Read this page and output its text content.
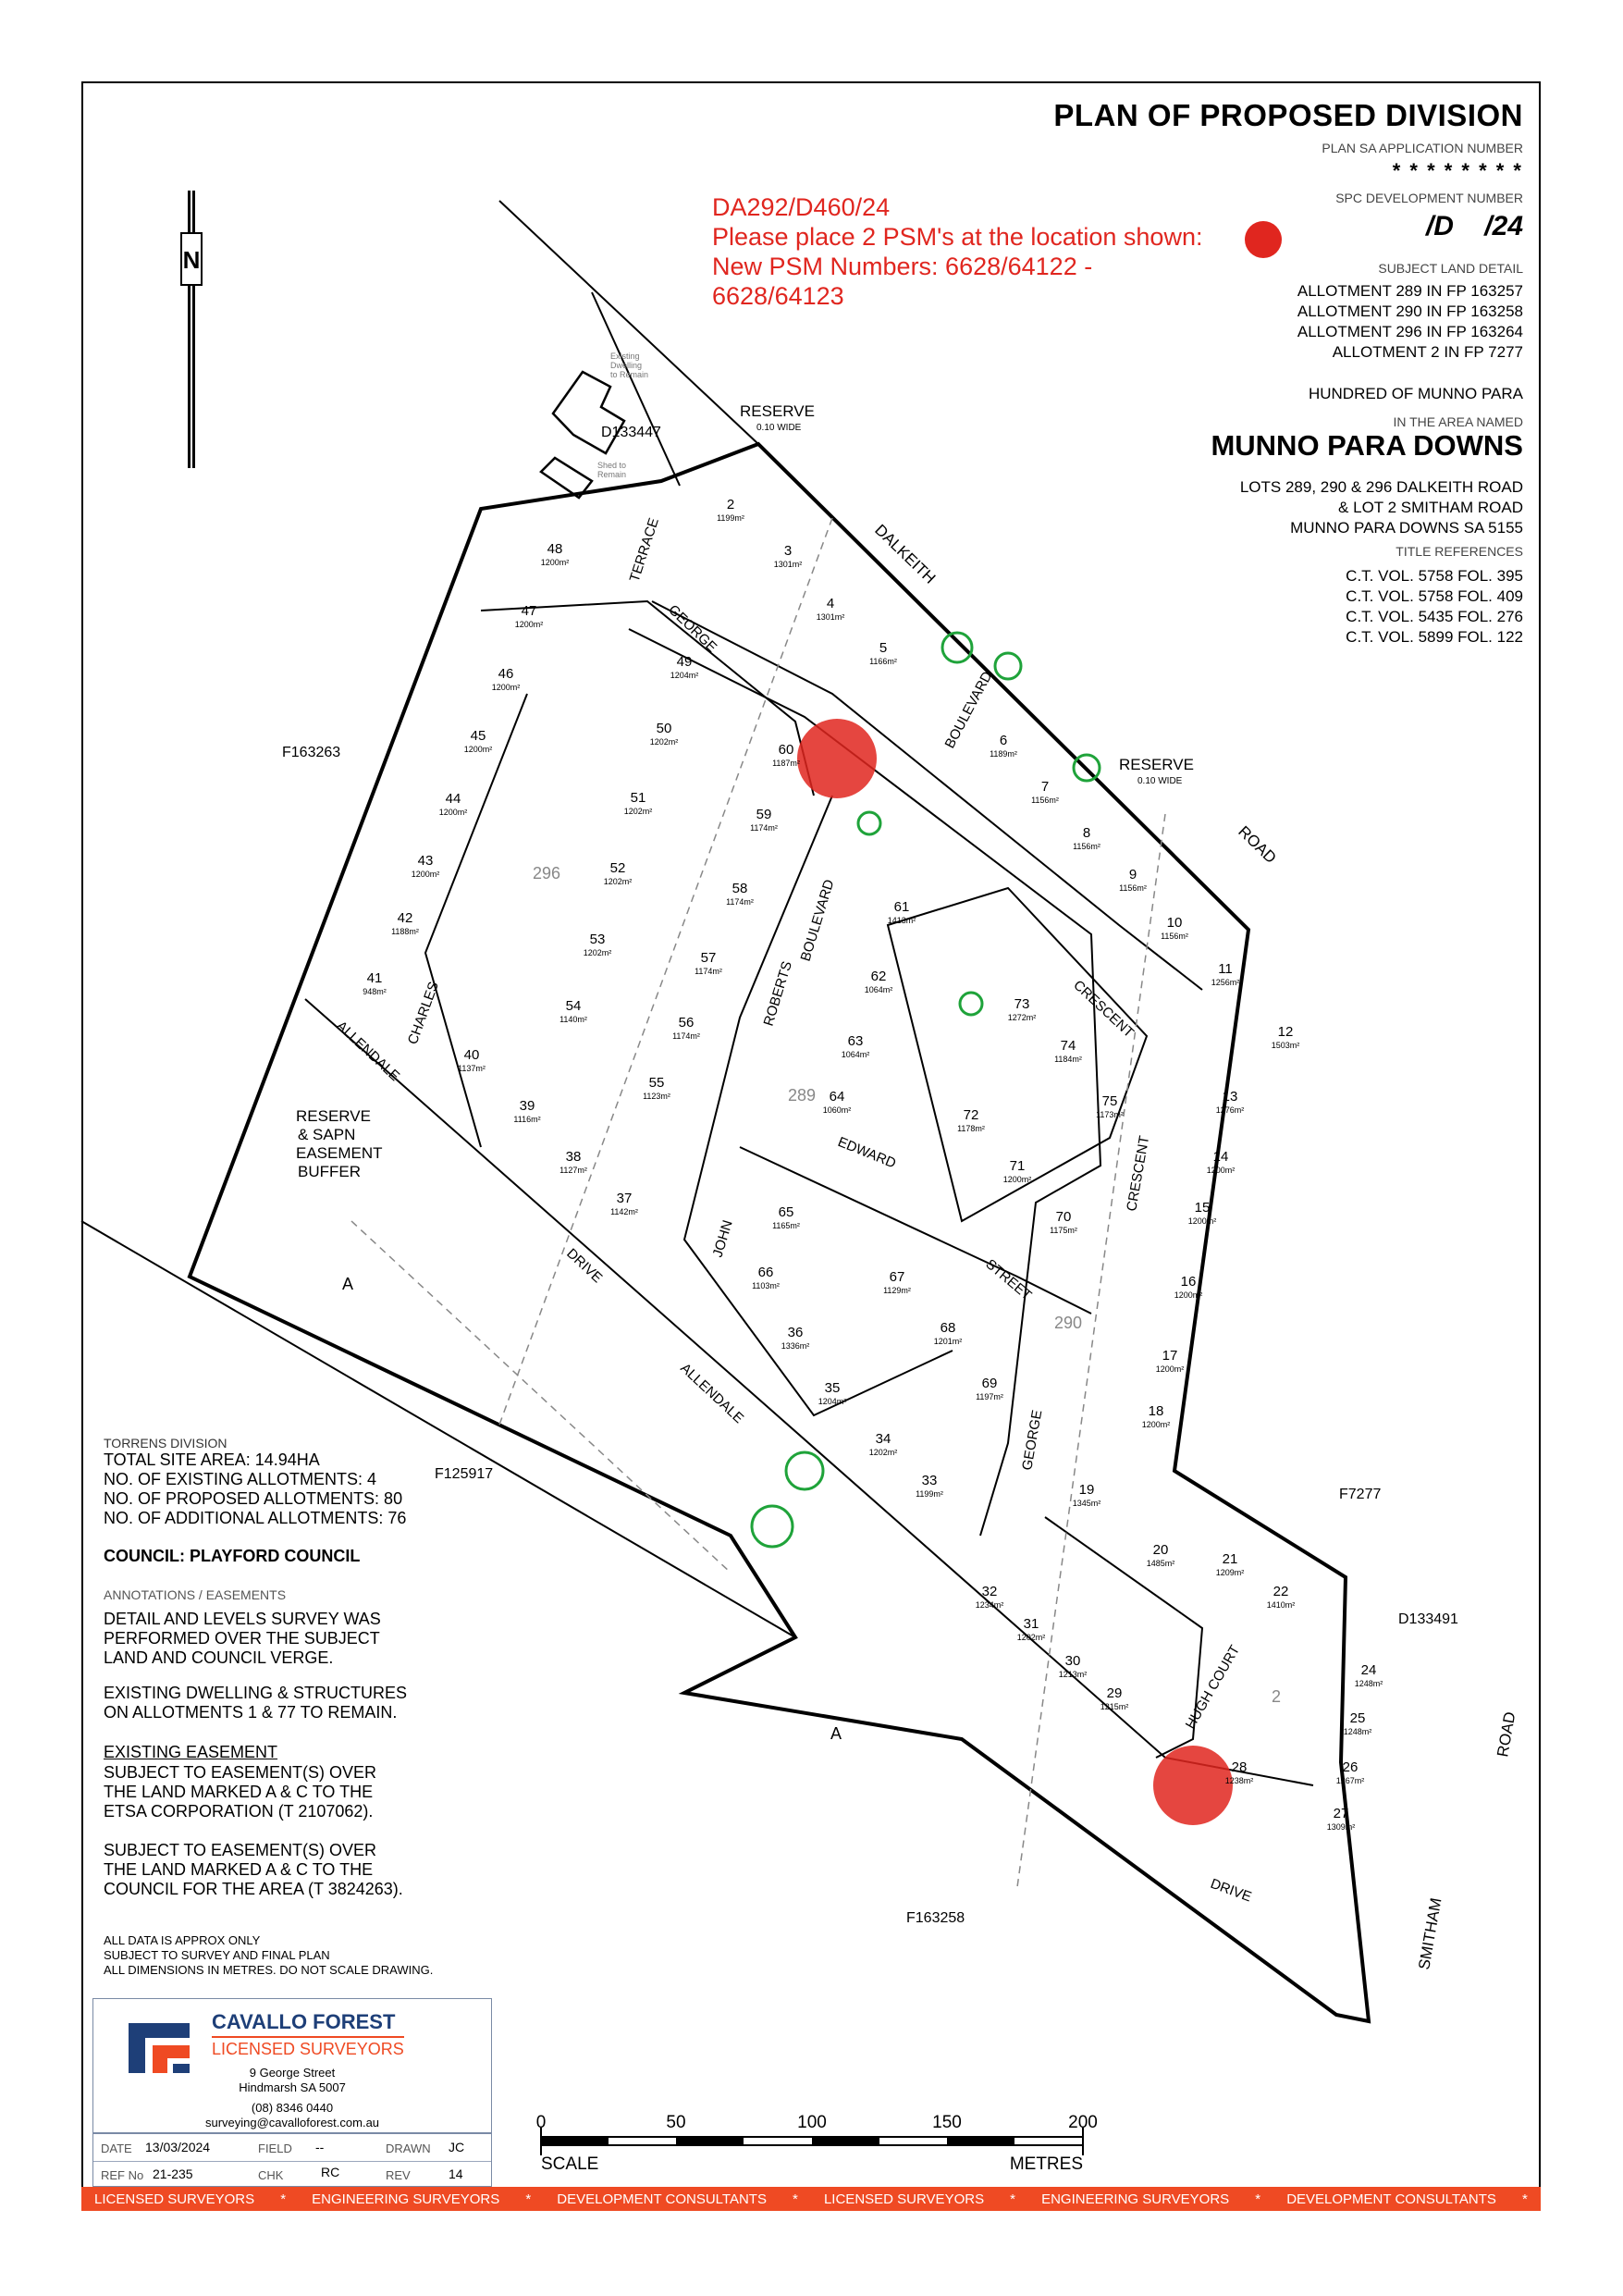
PLAN OF PROPOSED DIVISION
PLAN SA APPLICATION NUMBER
* * * * * * * *
SPC DEVELOPMENT NUMBER
/D    /24
SUBJECT LAND DETAIL
ALLOTMENT 289 IN FP 163257
ALLOTMENT 290 IN FP 163258
ALLOTMENT 296 IN FP 163264
ALLOTMENT 2 IN FP 7277
HUNDRED OF MUNNO PARA
IN THE AREA NAMED
MUNNO PARA DOWNS
LOTS 289, 290 & 296 DALKEITH ROAD
& LOT 2 SMITHAM ROAD
MUNNO PARA DOWNS SA 5155
TITLE REFERENCES
C.T. VOL. 5758 FOL. 395
C.T. VOL. 5758 FOL. 409
C.T. VOL. 5435 FOL. 276
C.T. VOL. 5899 FOL. 122
DA292/D460/24
Please place 2 PSM's at the location shown:
New PSM Numbers: 6628/64122 -
6628/64123
N
D133447
F163263
F125917
F163258
F7277
D133491
RESERVE
0.10 WIDE
RESERVE
0.10 WIDE
RESERVE
& SAPN
EASEMENT
BUFFER
A
A
296
289
290
2
DALKEITH
ROAD
ROAD
SMITHAM
TERRACE
GEORGE
CHARLES
ALLENDALE
DRIVE
ALLENDALE
DRIVE
ROBERTS
BOULEVARD
BOULEVARD
JOHN
EDWARD
STREET
CRESCENT
CRESCENT
GEORGE
HUGH COURT
Existing
Dwelling
to Remain
Shed to
Remain
2
1199m²
3
1301m²
4
1301m²
5
1166m²
6
1189m²
7
1156m²
8
1156m²
9
1156m²
10
1156m²
11
1256m²
12
1503m²
13
1276m²
14
1200m²
15
1200m²
16
1200m²
17
1200m²
18
1200m²
19
1345m²
20
1485m²	21
1209m²
22
1410m²
24
1248m²
25
1248m²
26
1267m²
27
1309m²
28
1238m²
29
1215m²
30
1213m²
31
1202m²
32
1234m²
33
1199m²
34
1202m²
35
1204m²
36
1336m²
37
1142m²
38
1127m²
39
1116m²
40
1137m²
41
948m²
42
1188m²
43
1200m²
44
1200m²
45
1200m²
46
1200m²
47
1200m²
48
1200m²
49
1204m²
50
1202m²
51
1202m²
52
1202m²
53
1202m²
54
1140m²
55
1123m²
56
1174m²
57
1174m²
58
1174m²
59
1174m²
60
1187m²
61
1413m²
62
1064m²
63
1064m²
64
1060m²
65
1165m²
66
1103m²
67
1129m²
68
1201m²
69
1197m²
70
1175m²
71
1200m²
72
1178m²
73
1272m²
74
1184m²
75
1173m²
0	50	100	150	200
SCALE	METRES
TORRENS DIVISION
TOTAL SITE AREA: 14.94HA
NO. OF EXISTING ALLOTMENTS: 4
NO. OF PROPOSED ALLOTMENTS: 80
NO. OF ADDITIONAL ALLOTMENTS: 76
COUNCIL: PLAYFORD COUNCIL
ANNOTATIONS / EASEMENTS
DETAIL AND LEVELS SURVEY WAS
PERFORMED OVER THE SUBJECT
LAND AND COUNCIL VERGE.
EXISTING DWELLING & STRUCTURES
ON ALLOTMENTS 1 & 77 TO REMAIN.
EXISTING EASEMENT
SUBJECT TO EASEMENT(S) OVER
THE LAND MARKED A & C TO THE
ETSA CORPORATION (T 2107062).
SUBJECT TO EASEMENT(S) OVER
THE LAND MARKED A & C TO THE
COUNCIL FOR THE AREA (T 3824263).
ALL DATA IS APPROX ONLY
SUBJECT TO SURVEY AND FINAL PLAN
ALL DIMENSIONS IN METRES. DO NOT SCALE DRAWING.
CAVALLO FOREST
LICENSED SURVEYORS
9 George Street
Hindmarsh SA 5007
(08) 8346 0440
surveying@cavalloforest.com.au
DATE 13/03/2024	FIELD --	DRAWN JC
REF No 21-235	CHK	RC	REV	14
LICENSED SURVEYORS * ENGINEERING SURVEYORS * DEVELOPMENT CONSULTANTS * LICENSED SURVEYORS * ENGINEERING SURVEYORS * DEVELOPMENT CONSULTANTS *
